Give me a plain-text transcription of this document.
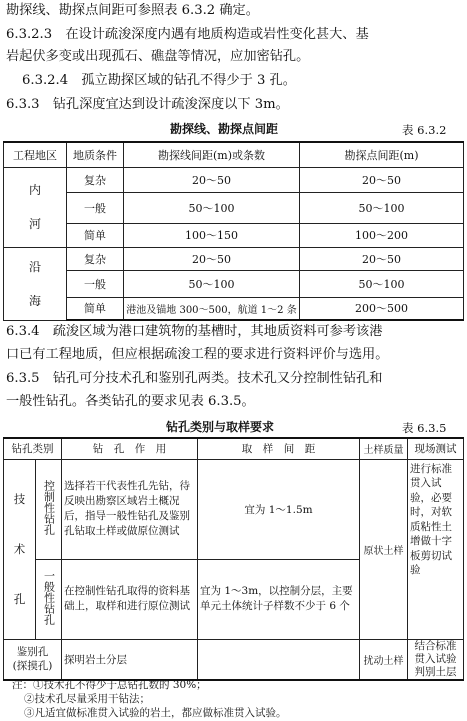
勘探线、勘探点间距可参照表 6.3.2 确定。
6.3.2.3　在设计疏浚深度内遇有地质构造或岩性变化甚大、基
岩起伏多变或出现孤石、礁盘等情况，应加密钻孔。
6.3.2.4　孤立勘探区域的钻孔不得少于 3 孔。
6.3.3　钻孔深度宜达到设计疏浚深度以下 3m。
勘探线、勘探点间距	表 6.3.2
工程地区	地质条件	勘探线间距(m)或条数	勘探点间距(m)

内
河	复杂	20～50	20～50
	一般	50～100	50～100
	简单	100～150	100～200

沿
海	复杂	20～50	20～50
	一般	50～100	50～100
	简单	港池及锚地 300～500，航道 1～2 条	200～500
6.3.4　疏浚区域为港口建筑物的基槽时，其地质资料可参考该港
口已有工程地质，但应根据疏浚工程的要求进行资料评价与选用。
6.3.5　钻孔可分技术孔和鉴别孔两类。技术孔又分控制性钻孔和
一般性钻孔。各类钻孔的要求见表 6.3.5。
钻孔类别与取样要求	表 6.3.5
钻孔类别		钻　孔　作　用	取　样　间　距	土样质量	现场测试

技
术
孔	控制性钻孔	选择若干代表性孔先钻，待反映出勘察区域岩土概况后，指导一般性钻孔及鉴别孔钻取土样或做原位测试	宜为 1～1.5m	原状土样	进行标准贯入试验，必要时，对软质粘性土增做十字板剪切试验
	一般性钻孔	在控制性钻孔取得的资料基础上，取样和进行原位测试	宜为 1～3m，以控制分层，主要单元土体统计子样数不少于 6 个		

鉴别孔
(探摸孔)		探明岩土分层		扰动土样	结合标准贯入试验判别土层
注：①技术孔不得少于总钻孔数的 30%；
②技术孔尽量采用干钻法；
③凡适宜做标准贯入试验的岩土，都应做标准贯入试验。
